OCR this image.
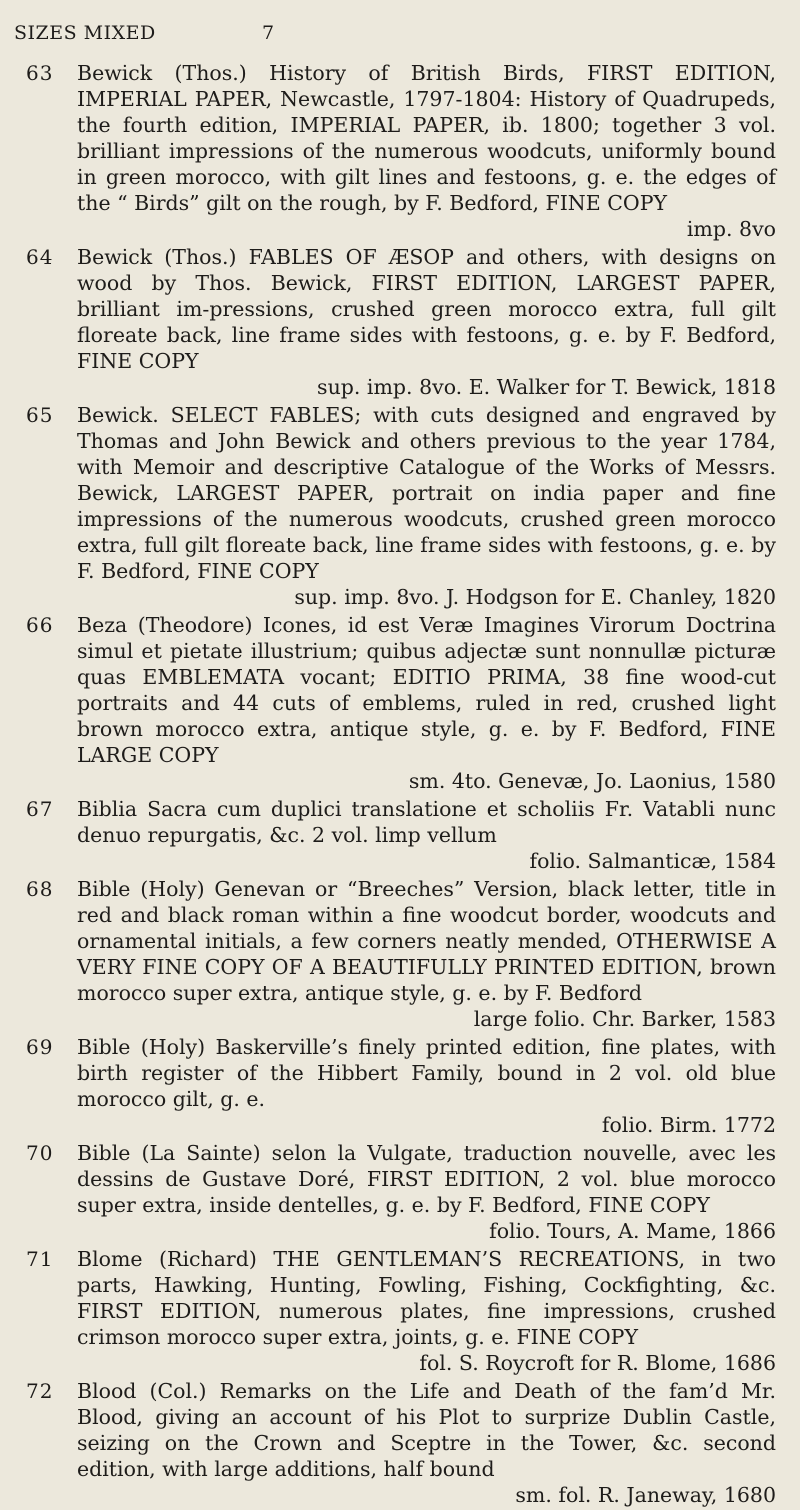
SIZES MIXED	7
63 Bewick (Thos.) History of British Birds, FIRST EDITION, IMPERIAL PAPER, Newcastle, 1797-1804: History of Quadrupeds, the fourth edition, IMPERIAL PAPER, ib. 1800; together 3 vol. brilliant impressions of the numerous woodcuts, uniformly bound in green morocco, with gilt lines and festoons, g. e. the edges of the “ Birds” gilt on the rough, by F. Bedford, FINE COPY
imp. 8vo
64 Bewick (Thos.) FABLES OF ÆSOP and others, with designs on wood by Thos. Bewick, FIRST EDITION, LARGEST PAPER, brilliant im-pressions, crushed green morocco extra, full gilt floreate back, line frame sides with festoons, g. e. by F. Bedford, FINE COPY
sup. imp. 8vo. E. Walker for T. Bewick, 1818
65 Bewick. SELECT FABLES; with cuts designed and engraved by Thomas and John Bewick and others previous to the year 1784, with Memoir and descriptive Catalogue of the Works of Messrs. Bewick, LARGEST PAPER, portrait on india paper and fine impressions of the numerous woodcuts, crushed green morocco extra, full gilt floreate back, line frame sides with festoons, g. e. by F. Bedford, FINE COPY
sup. imp. 8vo. J. Hodgson for E. Chanley, 1820
66 Beza (Theodore) Icones, id est Veræ Imagines Virorum Doctrina simul et pietate illustrium; quibus adjectæ sunt nonnullæ picturæ quas EMBLEMATA vocant; EDITIO PRIMA, 38 fine wood-cut portraits and 44 cuts of emblems, ruled in red, crushed light brown morocco extra, antique style, g. e. by F. Bedford, FINE LARGE COPY
sm. 4to. Genevæ, Jo. Laonius, 1580
67 Biblia Sacra cum duplici translatione et scholiis Fr. Vatabli nunc denuo repurgatis, &c. 2 vol. limp vellum
folio. Salmanticæ, 1584
68 Bible (Holy) Genevan or “Breeches” Version, black letter, title in red and black roman within a fine woodcut border, woodcuts and ornamental initials, a few corners neatly mended, OTHERWISE A VERY FINE COPY OF A BEAUTIFULLY PRINTED EDITION, brown morocco super extra, antique style, g. e. by F. Bedford
large folio. Chr. Barker, 1583
69 Bible (Holy) Baskerville’s finely printed edition, fine plates, with birth register of the Hibbert Family, bound in 2 vol. old blue morocco gilt, g. e.
folio. Birm. 1772
70 Bible (La Sainte) selon la Vulgate, traduction nouvelle, avec les dessins de Gustave Doré, FIRST EDITION, 2 vol. blue morocco super extra, inside dentelles, g. e. by F. Bedford, FINE COPY
folio. Tours, A. Mame, 1866
71 Blome (Richard) THE GENTLEMAN’S RECREATIONS, in two parts, Hawking, Hunting, Fowling, Fishing, Cockfighting, &c. FIRST EDITION, numerous plates, fine impressions, crushed crimson morocco super extra, joints, g. e. FINE COPY
fol. S. Roycroft for R. Blome, 1686
72 Blood (Col.) Remarks on the Life and Death of the fam’d Mr. Blood, giving an account of his Plot to surprize Dublin Castle, seizing on the Crown and Sceptre in the Tower, &c. second edition, with large additions, half bound
sm. fol. R. Janeway, 1680
